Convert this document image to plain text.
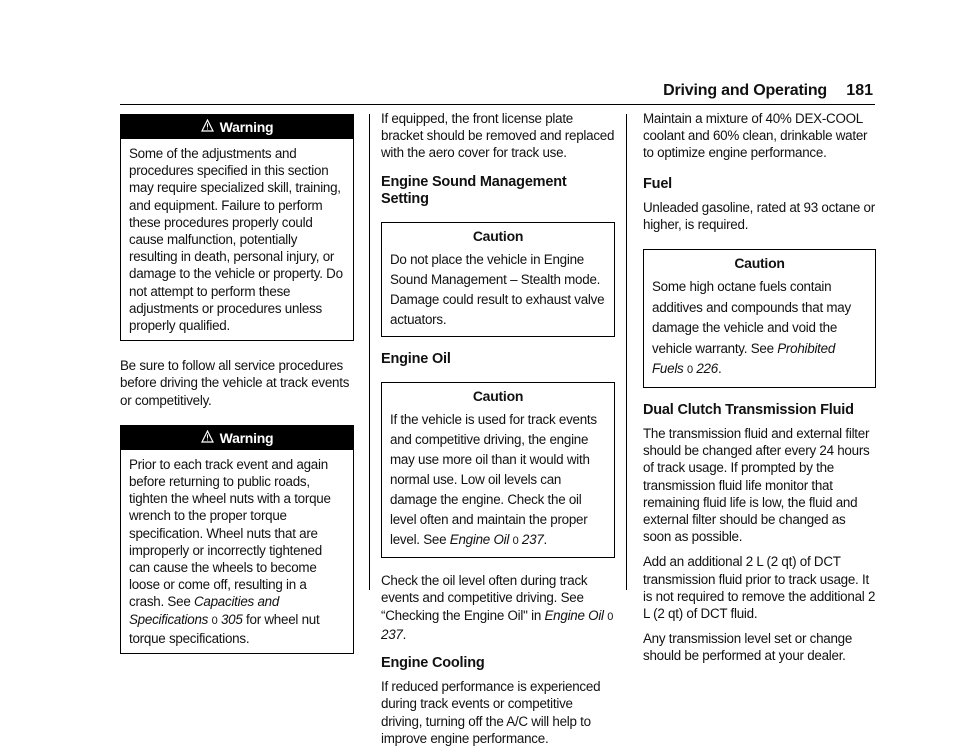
Driving and Operating 181
Warning
Some of the adjustments and procedures specified in this section may require specialized skill, training, and equipment. Failure to perform these procedures properly could cause malfunction, potentially resulting in death, personal injury, or damage to the vehicle or property. Do not attempt to perform these adjustments or procedures unless properly qualified.

Be sure to follow all service procedures before driving the vehicle at track events or competitively.

Warning
Prior to each track event and again before returning to public roads, tighten the wheel nuts with a torque wrench to the proper torque specification. Wheel nuts that are improperly or incorrectly tightened can cause the wheels to become loose or come off, resulting in a crash. See Capacities and Specifications 0 305 for wheel nut torque specifications.

If equipped, the front license plate bracket should be removed and replaced with the aero cover for track use.

Engine Sound Management Setting
Caution
Do not place the vehicle in Engine Sound Management – Stealth mode. Damage could result to exhaust valve actuators.
Engine Oil
Caution
If the vehicle is used for track events and competitive driving, the engine may use more oil than it would with normal use. Low oil levels can damage the engine. Check the oil level often and maintain the proper level. See Engine Oil 0 237.

Check the oil level often during track events and competitive driving. See “Checking the Engine Oil" in Engine Oil 0 237.

Engine Cooling

If reduced performance is experienced during track events or competitive driving, turning off the A/C will help to improve engine performance.

Maintain a mixture of 40% DEX-COOL coolant and 60% clean, drinkable water to optimize engine performance.

Fuel

Unleaded gasoline, rated at 93 octane or higher, is required.

Caution
Some high octane fuels contain additives and compounds that may damage the vehicle and void the vehicle warranty. See Prohibited Fuels 0 226.
Dual Clutch Transmission Fluid

The transmission fluid and external filter should be changed after every 24 hours of track usage. If prompted by the transmission fluid life monitor that remaining fluid life is low, the fluid and external filter should be changed as soon as possible.

Add an additional 2 L (2 qt) of DCT transmission fluid prior to track usage. It is not required to remove the additional 2 L (2 qt) of DCT fluid.

Any transmission level set or change should be performed at your dealer.
